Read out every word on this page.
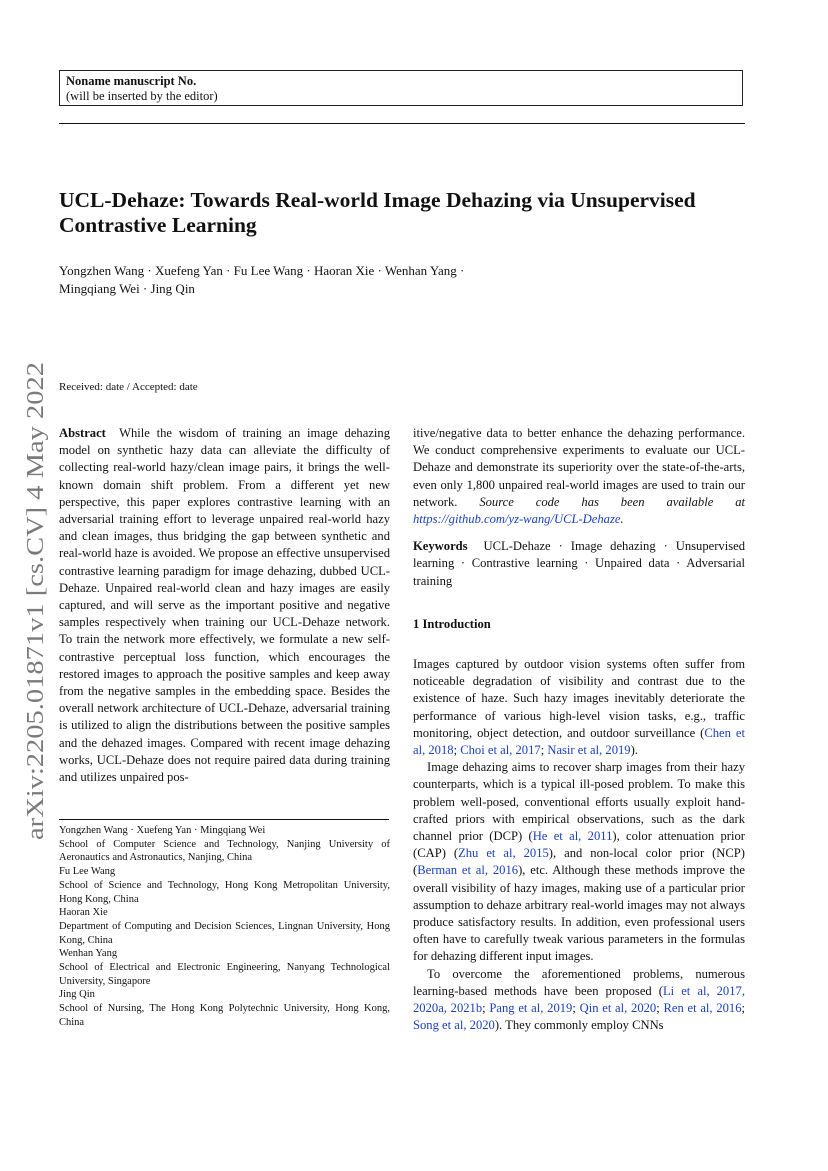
Noname manuscript No.
(will be inserted by the editor)
arXiv:2205.01871v1 [cs.CV] 4 May 2022
UCL-Dehaze: Towards Real-world Image Dehazing via Unsupervised
Contrastive Learning
Yongzhen Wang · Xuefeng Yan · Fu Lee Wang · Haoran Xie · Wenhan Yang ·
Mingqiang Wei · Jing Qin
Received: date / Accepted: date

Abstract While the wisdom of training an image dehazing model on synthetic hazy data can alleviate the difficulty of collecting real-world hazy/clean image pairs, it brings the well-known domain shift problem. From a different yet new perspective, this paper explores contrastive learning with an adversarial training effort to leverage unpaired real-world hazy and clean images, thus bridging the gap between synthetic and real-world haze is avoided. We propose an effective unsupervised contrastive learning paradigm for image dehazing, dubbed UCL-Dehaze. Unpaired real-world clean and hazy images are easily captured, and will serve as the important positive and negative samples respectively when training our UCL-Dehaze network. To train the network more effectively, we formulate a new self-contrastive perceptual loss function, which encourages the restored images to approach the positive samples and keep away from the negative samples in the embedding space. Besides the overall network architecture of UCL-Dehaze, adversarial training is utilized to align the distributions between the positive samples and the dehazed images. Compared with recent image dehazing works, UCL-Dehaze does not require paired data during training and utilizes unpaired pos-

Yongzhen Wang · Xuefeng Yan · Mingqiang Wei
School of Computer Science and Technology, Nanjing University of Aeronautics and Astronautics, Nanjing, China
Fu Lee Wang
School of Science and Technology, Hong Kong Metropolitan University, Hong Kong, China
Haoran Xie
Department of Computing and Decision Sciences, Lingnan University, Hong Kong, China
Wenhan Yang
School of Electrical and Electronic Engineering, Nanyang Technological University, Singapore
Jing Qin
School of Nursing, The Hong Kong Polytechnic University, Hong Kong, China

itive/negative data to better enhance the dehazing performance. We conduct comprehensive experiments to evaluate our UCL-Dehaze and demonstrate its superiority over the state-of-the-arts, even only 1,800 unpaired real-world images are used to train our network. Source code has been available at https://github.com/yz-wang/UCL-Dehaze.

Keywords UCL-Dehaze · Image dehazing · Unsupervised learning · Contrastive learning · Unpaired data · Adversarial training

1 Introduction

Images captured by outdoor vision systems often suffer from noticeable degradation of visibility and contrast due to the existence of haze. Such hazy images inevitably deteriorate the performance of various high-level vision tasks, e.g., traffic monitoring, object detection, and outdoor surveillance (Chen et al, 2018; Choi et al, 2017; Nasir et al, 2019).

Image dehazing aims to recover sharp images from their hazy counterparts, which is a typical ill-posed problem. To make this problem well-posed, conventional efforts usually exploit hand-crafted priors with empirical observations, such as the dark channel prior (DCP) (He et al, 2011), color attenuation prior (CAP) (Zhu et al, 2015), and non-local color prior (NCP) (Berman et al, 2016), etc. Although these methods improve the overall visibility of hazy images, making use of a particular prior assumption to dehaze arbitrary real-world images may not always produce satisfactory results. In addition, even professional users often have to carefully tweak various parameters in the formulas for dehazing different input images.

To overcome the aforementioned problems, numerous learning-based methods have been proposed (Li et al, 2017, 2020a, 2021b; Pang et al, 2019; Qin et al, 2020; Ren et al, 2016; Song et al, 2020). They commonly employ CNNs
